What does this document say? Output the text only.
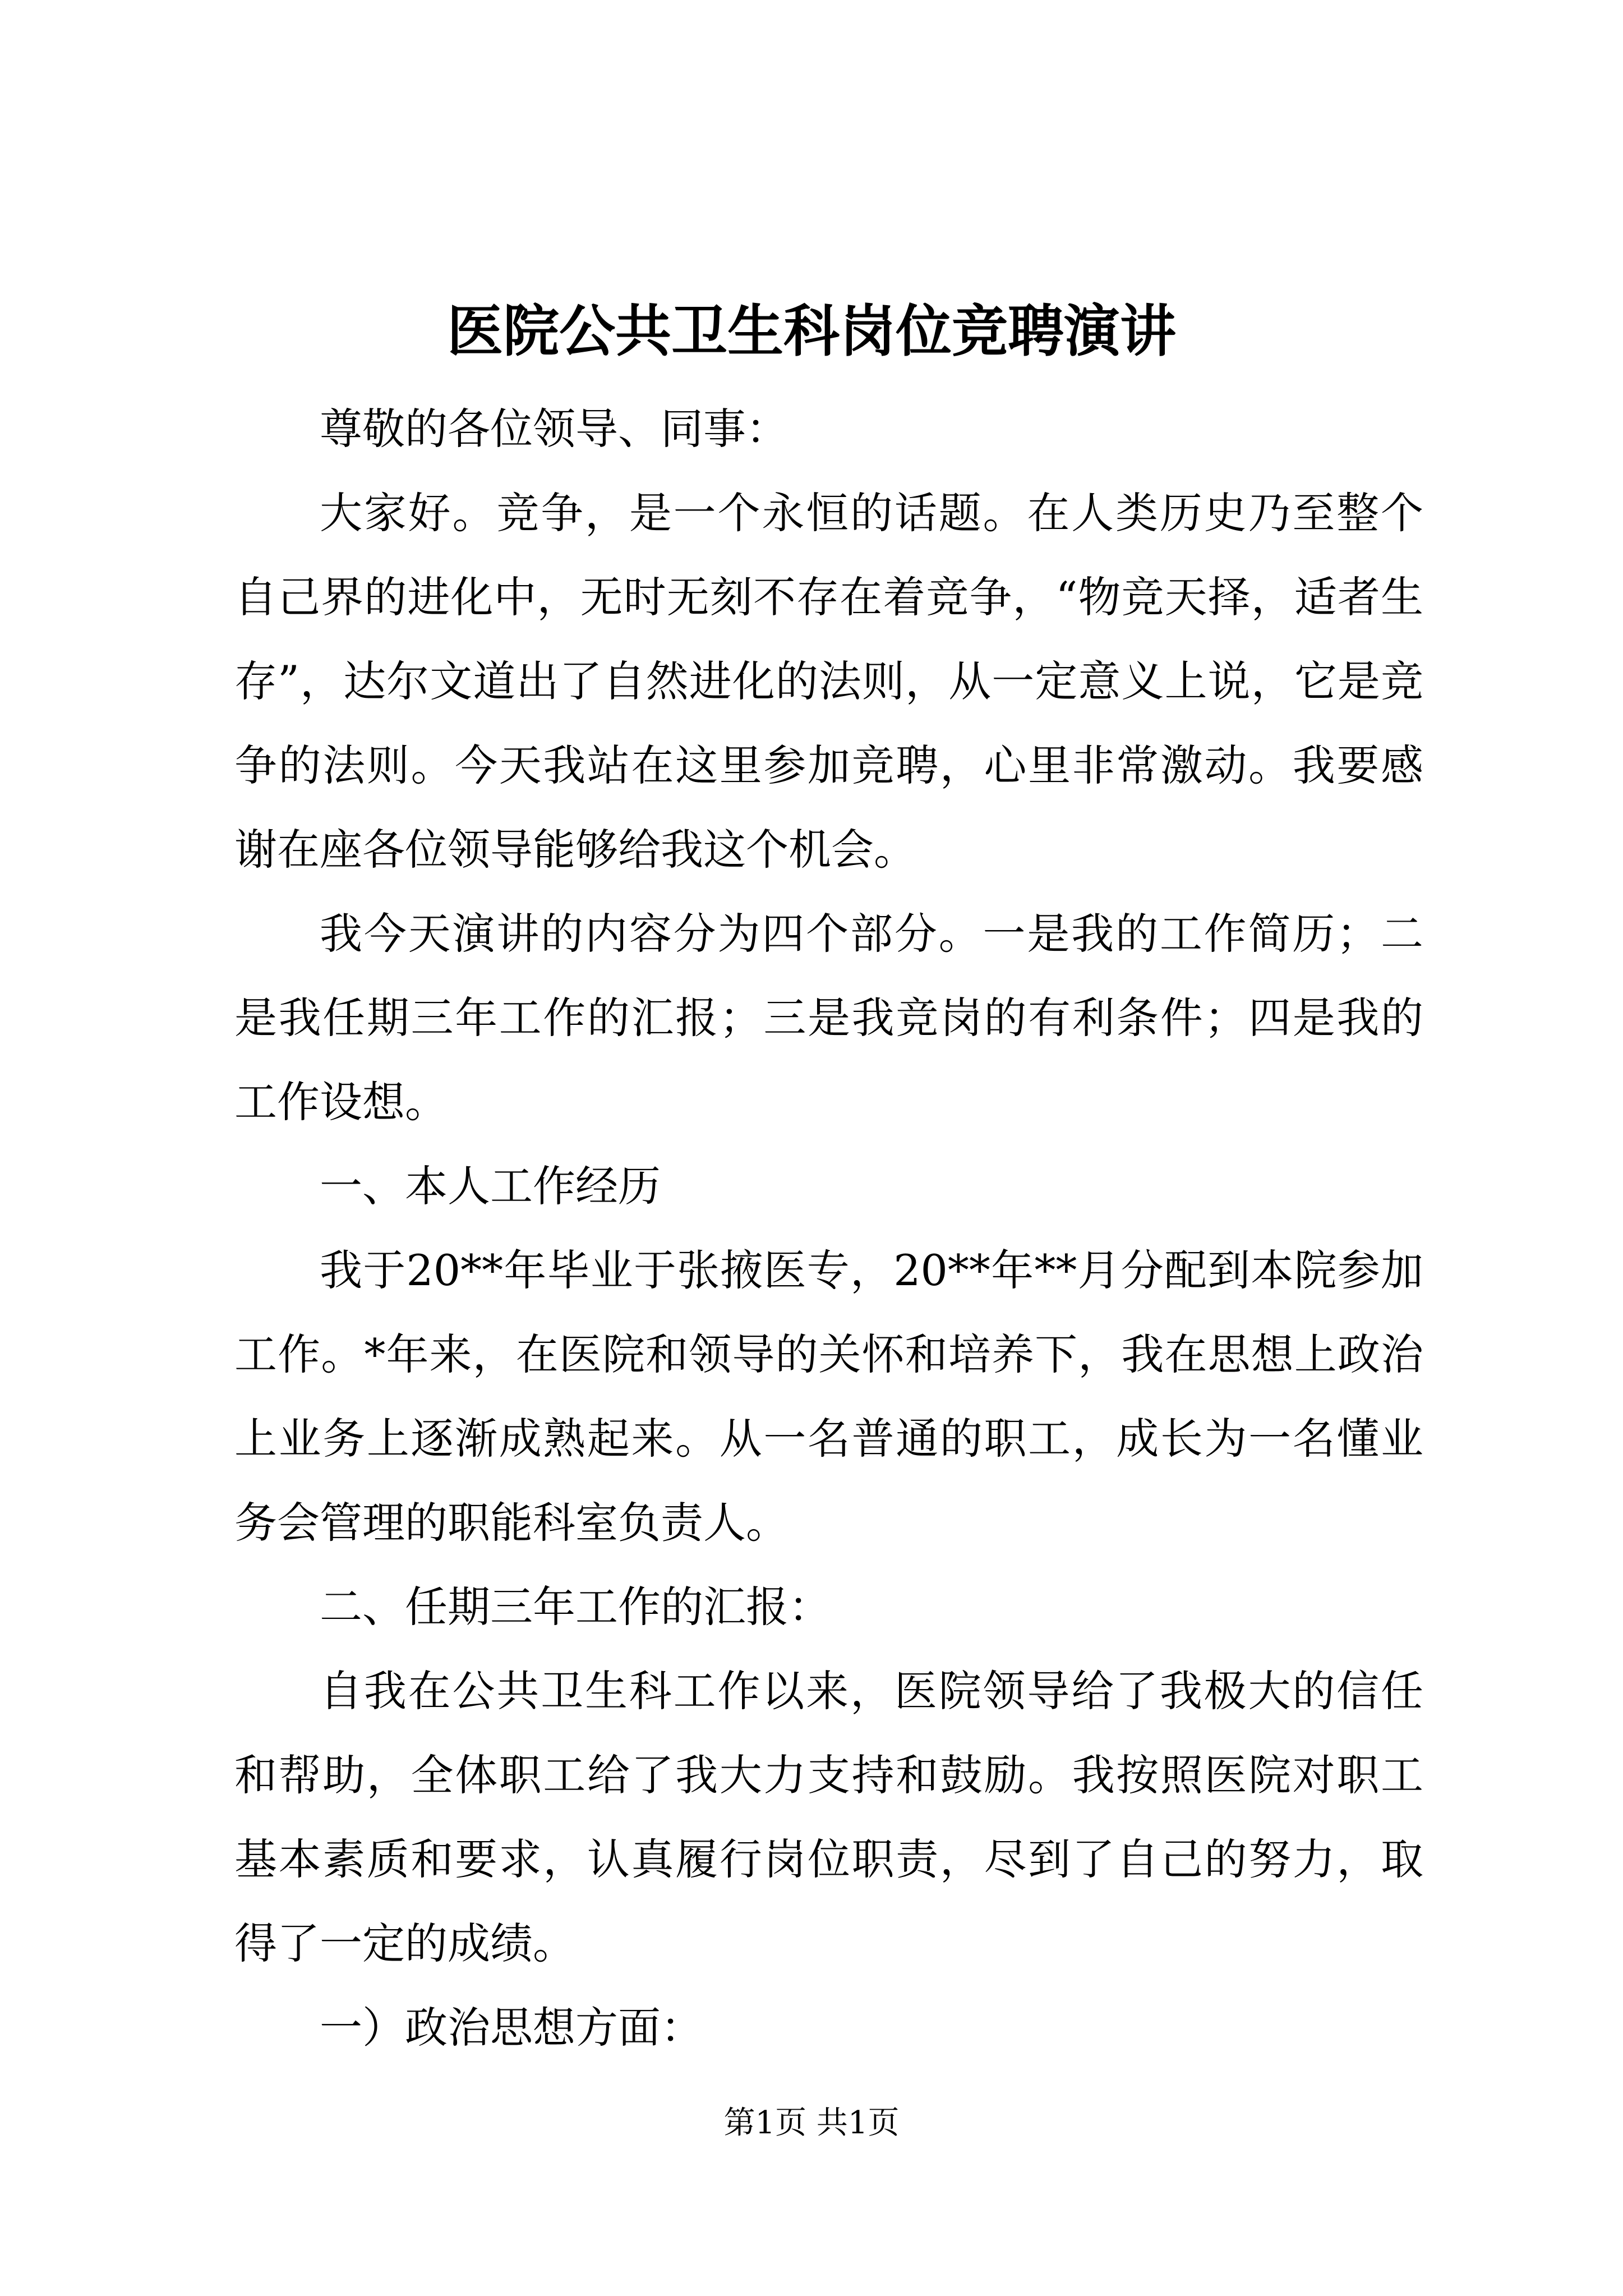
医院公共卫生科岗位竞聘演讲

尊敬的各位领导、同事：

大家好。竞争，是一个永恒的话题。在人类历史乃至整个自己界的进化中，无时无刻不存在着竞争，“物竞天择，适者生存”，达尔文道出了自然进化的法则，从一定意义上说，它是竞争的法则。今天我站在这里参加竞聘，心里非常激动。我要感谢在座各位领导能够给我这个机会。

我今天演讲的内容分为四个部分。一是我的工作简历；二是我任期三年工作的汇报；三是我竞岗的有利条件；四是我的工作设想。

一、本人工作经历

我于20**年毕业于张掖医专，20**年**月分配到本院参加工作。*年来，在医院和领导的关怀和培养下，我在思想上政治上业务上逐渐成熟起来。从一名普通的职工，成长为一名懂业务会管理的职能科室负责人。

二、任期三年工作的汇报：

自我在公共卫生科工作以来，医院领导给了我极大的信任和帮助，全体职工给了我大力支持和鼓励。我按照医院对职工基本素质和要求，认真履行岗位职责，尽到了自己的努力，取得了一定的成绩。

一）政治思想方面：

第1页 共1页
